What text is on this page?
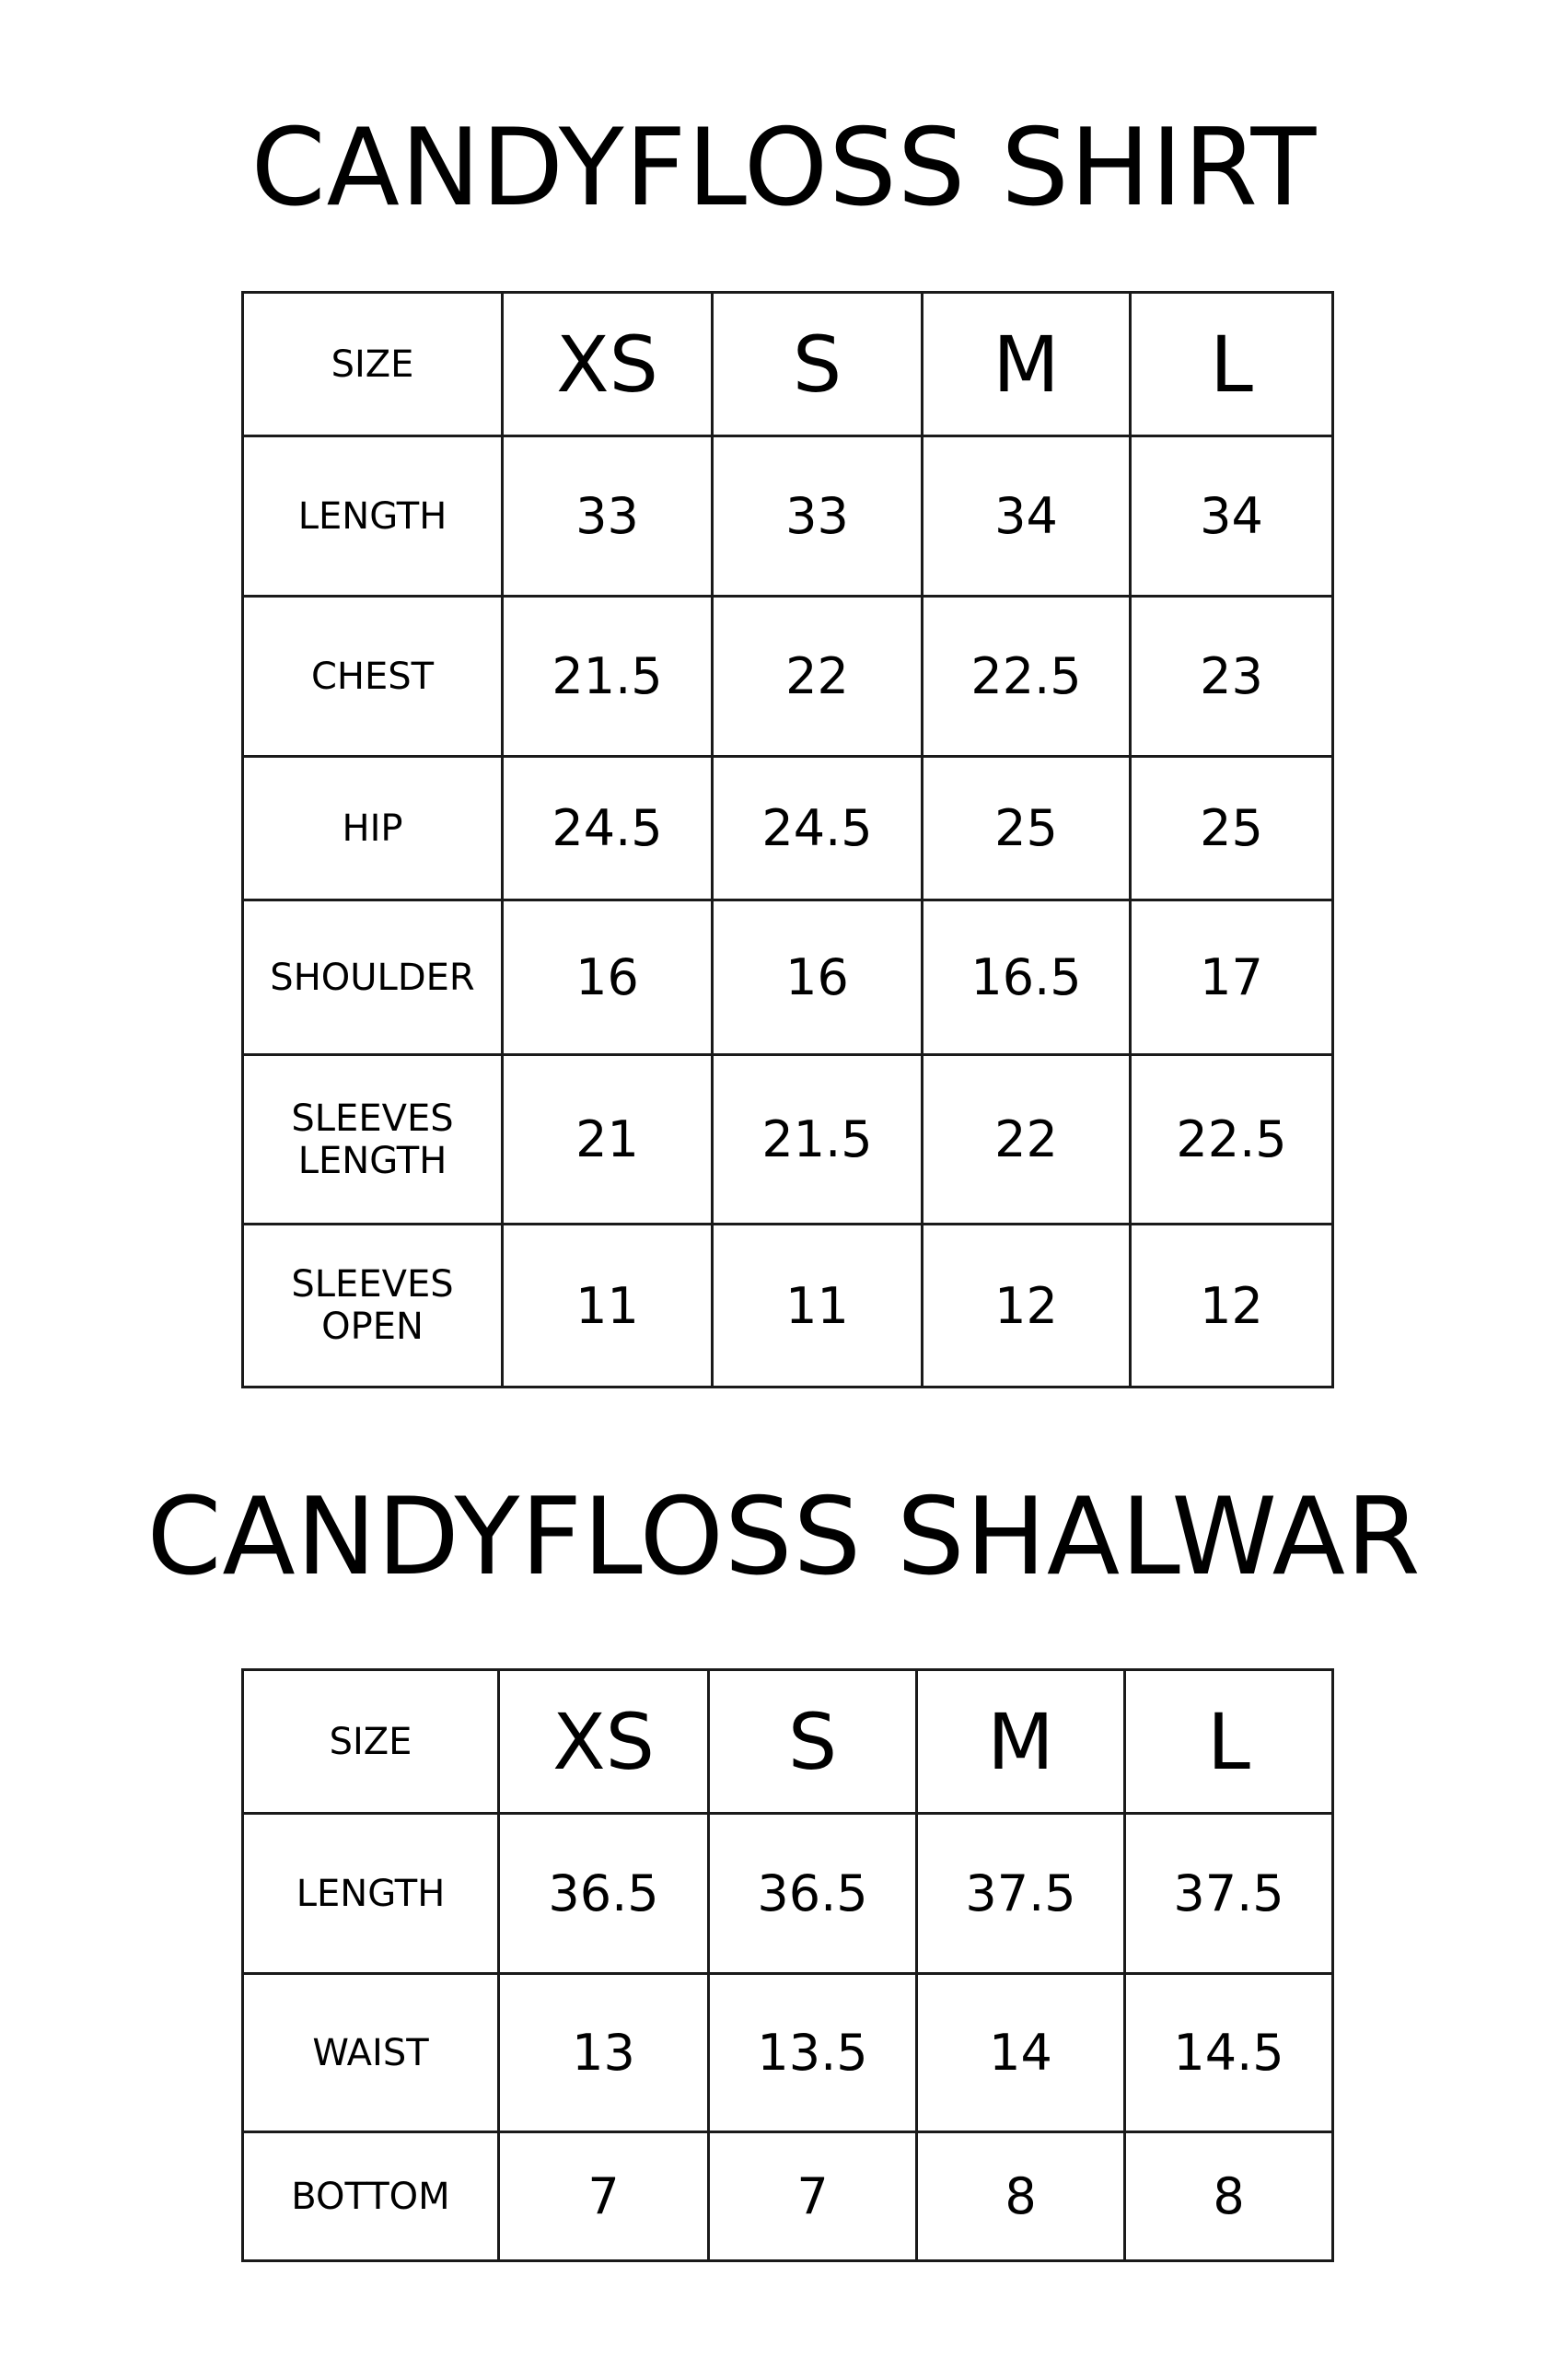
CANDYFLOSS SHIRT
SIZE	XS	S	M	L

LENGTH	33	33	34	34

CHEST	21.5	22	22.5	23

HIP	24.5	24.5	25	25

SHOULDER	16	16	16.5	17

SLEEVES
LENGTH	21	21.5	22	22.5

SLEEVES
OPEN	11	11	12	12
CANDYFLOSS SHALWAR
SIZE	XS	S	M	L

LENGTH	36.5	36.5	37.5	37.5

WAIST	13	13.5	14	14.5

BOTTOM	7	7	8	8
